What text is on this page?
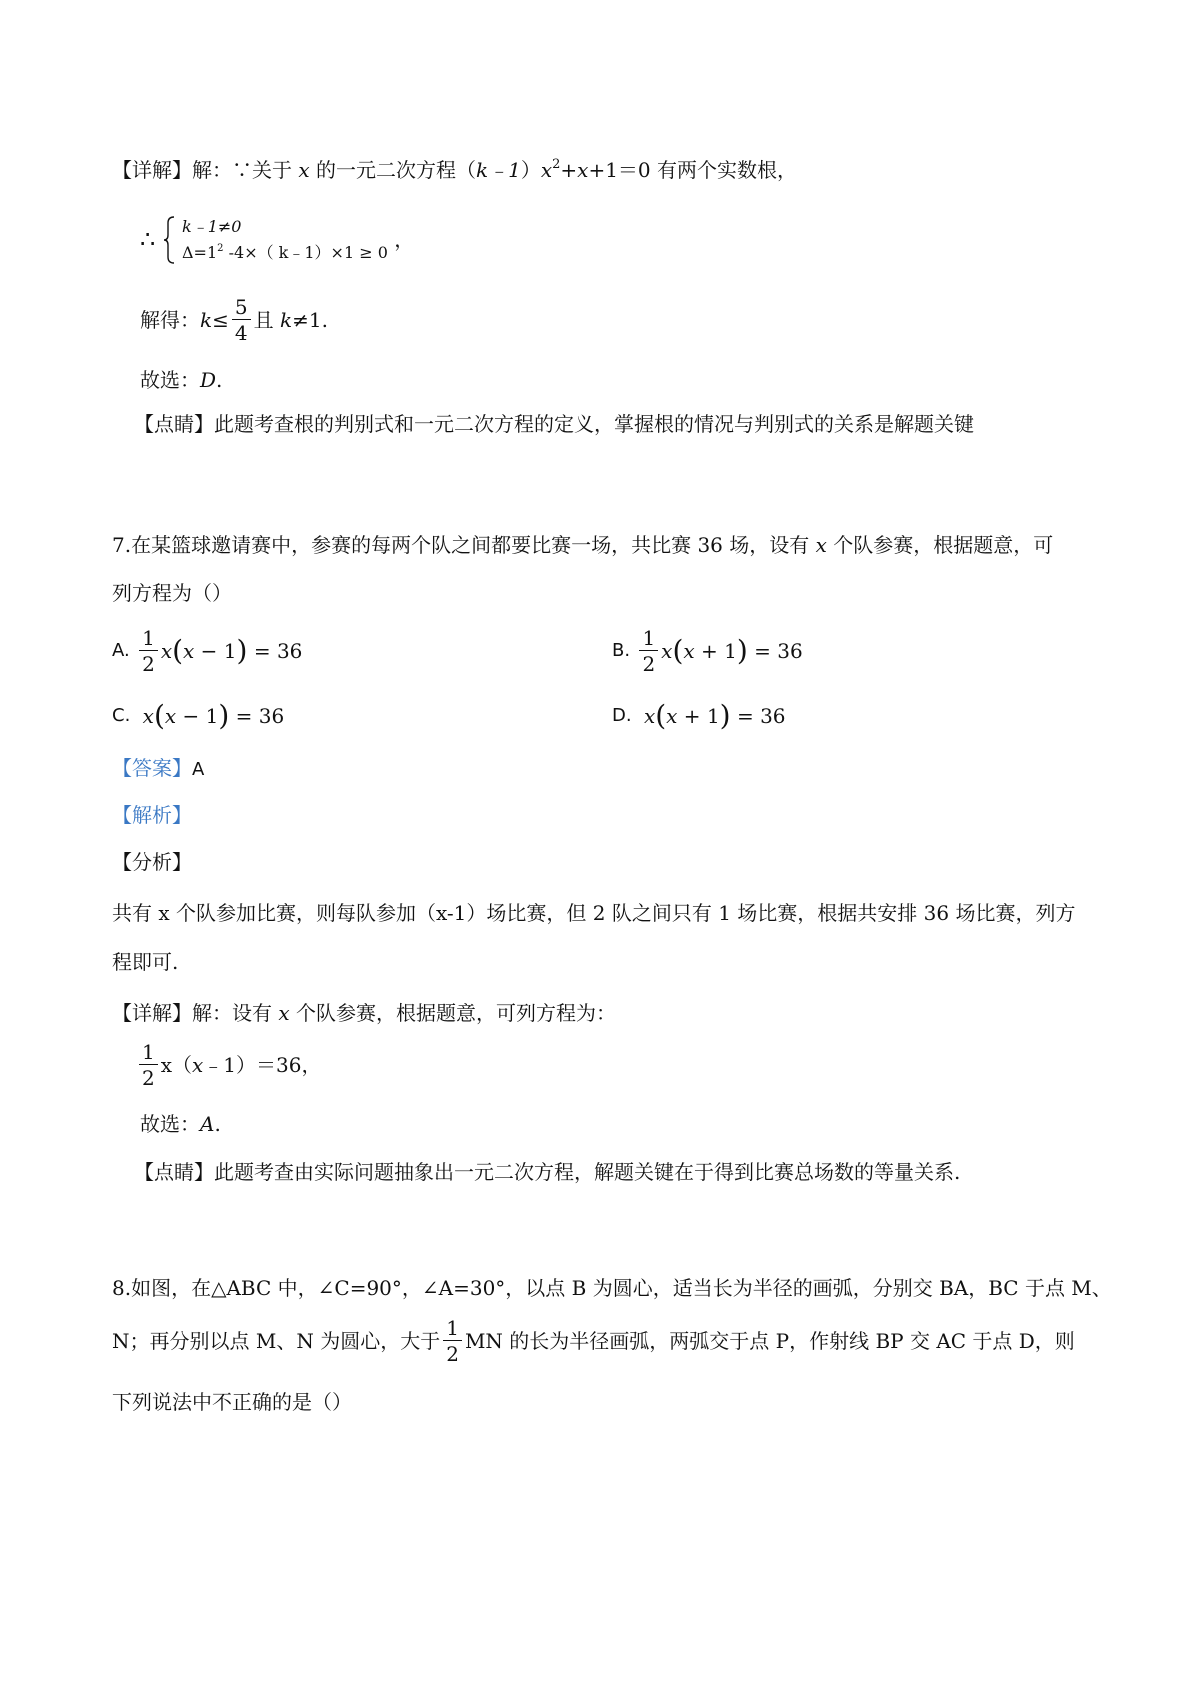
【详解】解：∵关于 x 的一元二次方程$(k﹣1)x^2+x+1=0$ 有两个实数根，
∴ k﹣1≠0
$\Delta=1^2$ -4×（ k﹣1）×1 ≥ 0
，
解得：$k\le \frac{5}{4}$ 且 k≠1.
故选：D.
【点睛】此题考查根的判别式和一元二次方程的定义，掌握根的情况与判别式的关系是解题关键
7.在某篮球邀请赛中，参赛的每两个队之间都要比赛一场，共比赛 36 场，设有 x 个队参赛，根据题意，可
列方程为（）
A. $\frac{1}{2} x(x - 1) = 36$	B. $\frac{1}{2} x(x + 1) = 36$
C. x(x − 1) = 36	D. x(x + 1) = 36
【答案】A
【解析】
【分析】
共有 x 个队参加比赛，则每队参加（x-1）场比赛，但 2 队之间只有 1 场比赛，根据共安排 36 场比赛，列方
程即可.
【详解】解：设有 x 个队参赛，根据题意，可列方程为：
$\frac{1}{2}$ x（x﹣1）＝36，
故选：A.
【点睛】此题考查由实际问题抽象出一元二次方程，解题关键在于得到比赛总场数的等量关系.
8.如图，在△ABC 中，∠C=90°，∠A=30°，以点 B 为圆心，适当长为半径的画弧，分别交 BA，BC 于点 M、
N；再分别以点 M、N 为圆心，大于 $\frac{1}{2}$ MN 的长为半径画弧，两弧交于点 P，作射线 BP 交 AC 于点 D，则
下列说法中不正确的是（）
